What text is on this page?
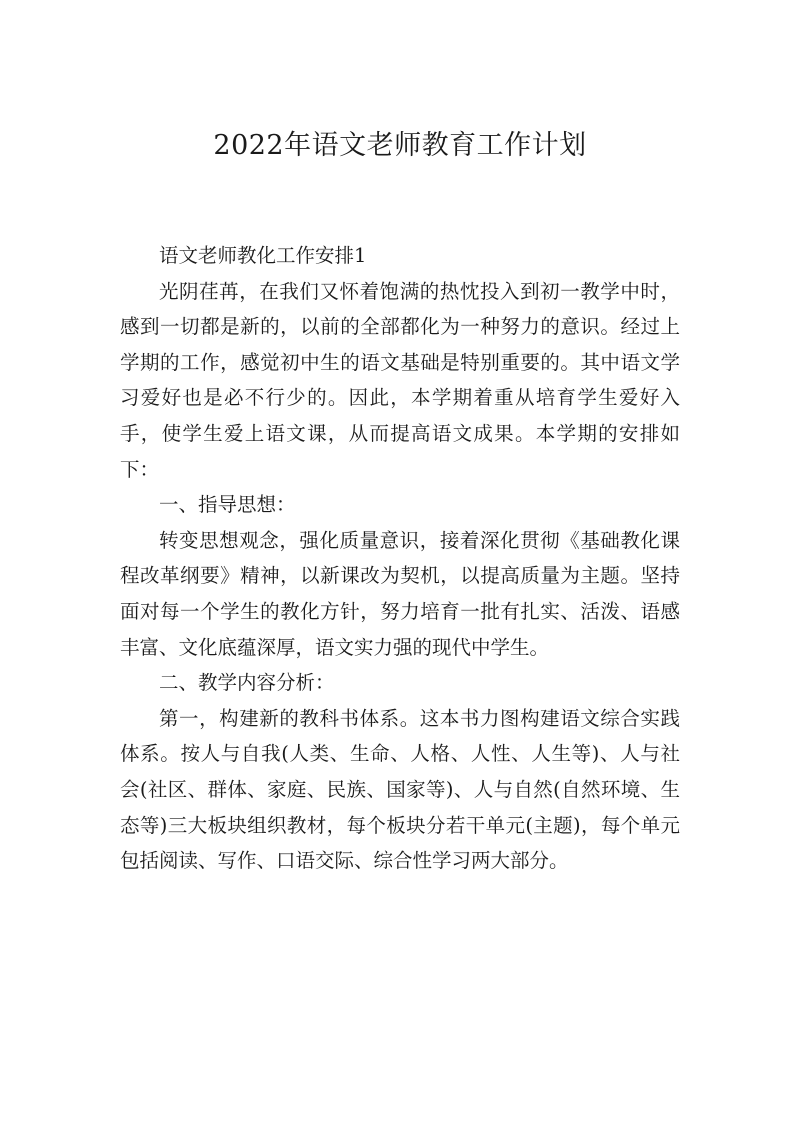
2022年语文老师教育工作计划

语文老师教化工作安排1

光阴荏苒，在我们又怀着饱满的热忱投入到初一教学中时，感到一切都是新的，以前的全部都化为一种努力的意识。经过上学期的工作，感觉初中生的语文基础是特别重要的。其中语文学习爱好也是必不行少的。因此，本学期着重从培育学生爱好入手，使学生爱上语文课，从而提高语文成果。本学期的安排如下：

一、指导思想：

转变思想观念，强化质量意识，接着深化贯彻《基础教化课程改革纲要》精神，以新课改为契机，以提高质量为主题。坚持面对每一个学生的教化方针，努力培育一批有扎实、活泼、语感丰富、文化底蕴深厚，语文实力强的现代中学生。

二、教学内容分析：

第一，构建新的教科书体系。这本书力图构建语文综合实践体系。按人与自我(人类、生命、人格、人性、人生等)、人与社会(社区、群体、家庭、民族、国家等)、人与自然(自然环境、生态等)三大板块组织教材，每个板块分若干单元(主题)，每个单元包括阅读、写作、口语交际、综合性学习两大部分。
